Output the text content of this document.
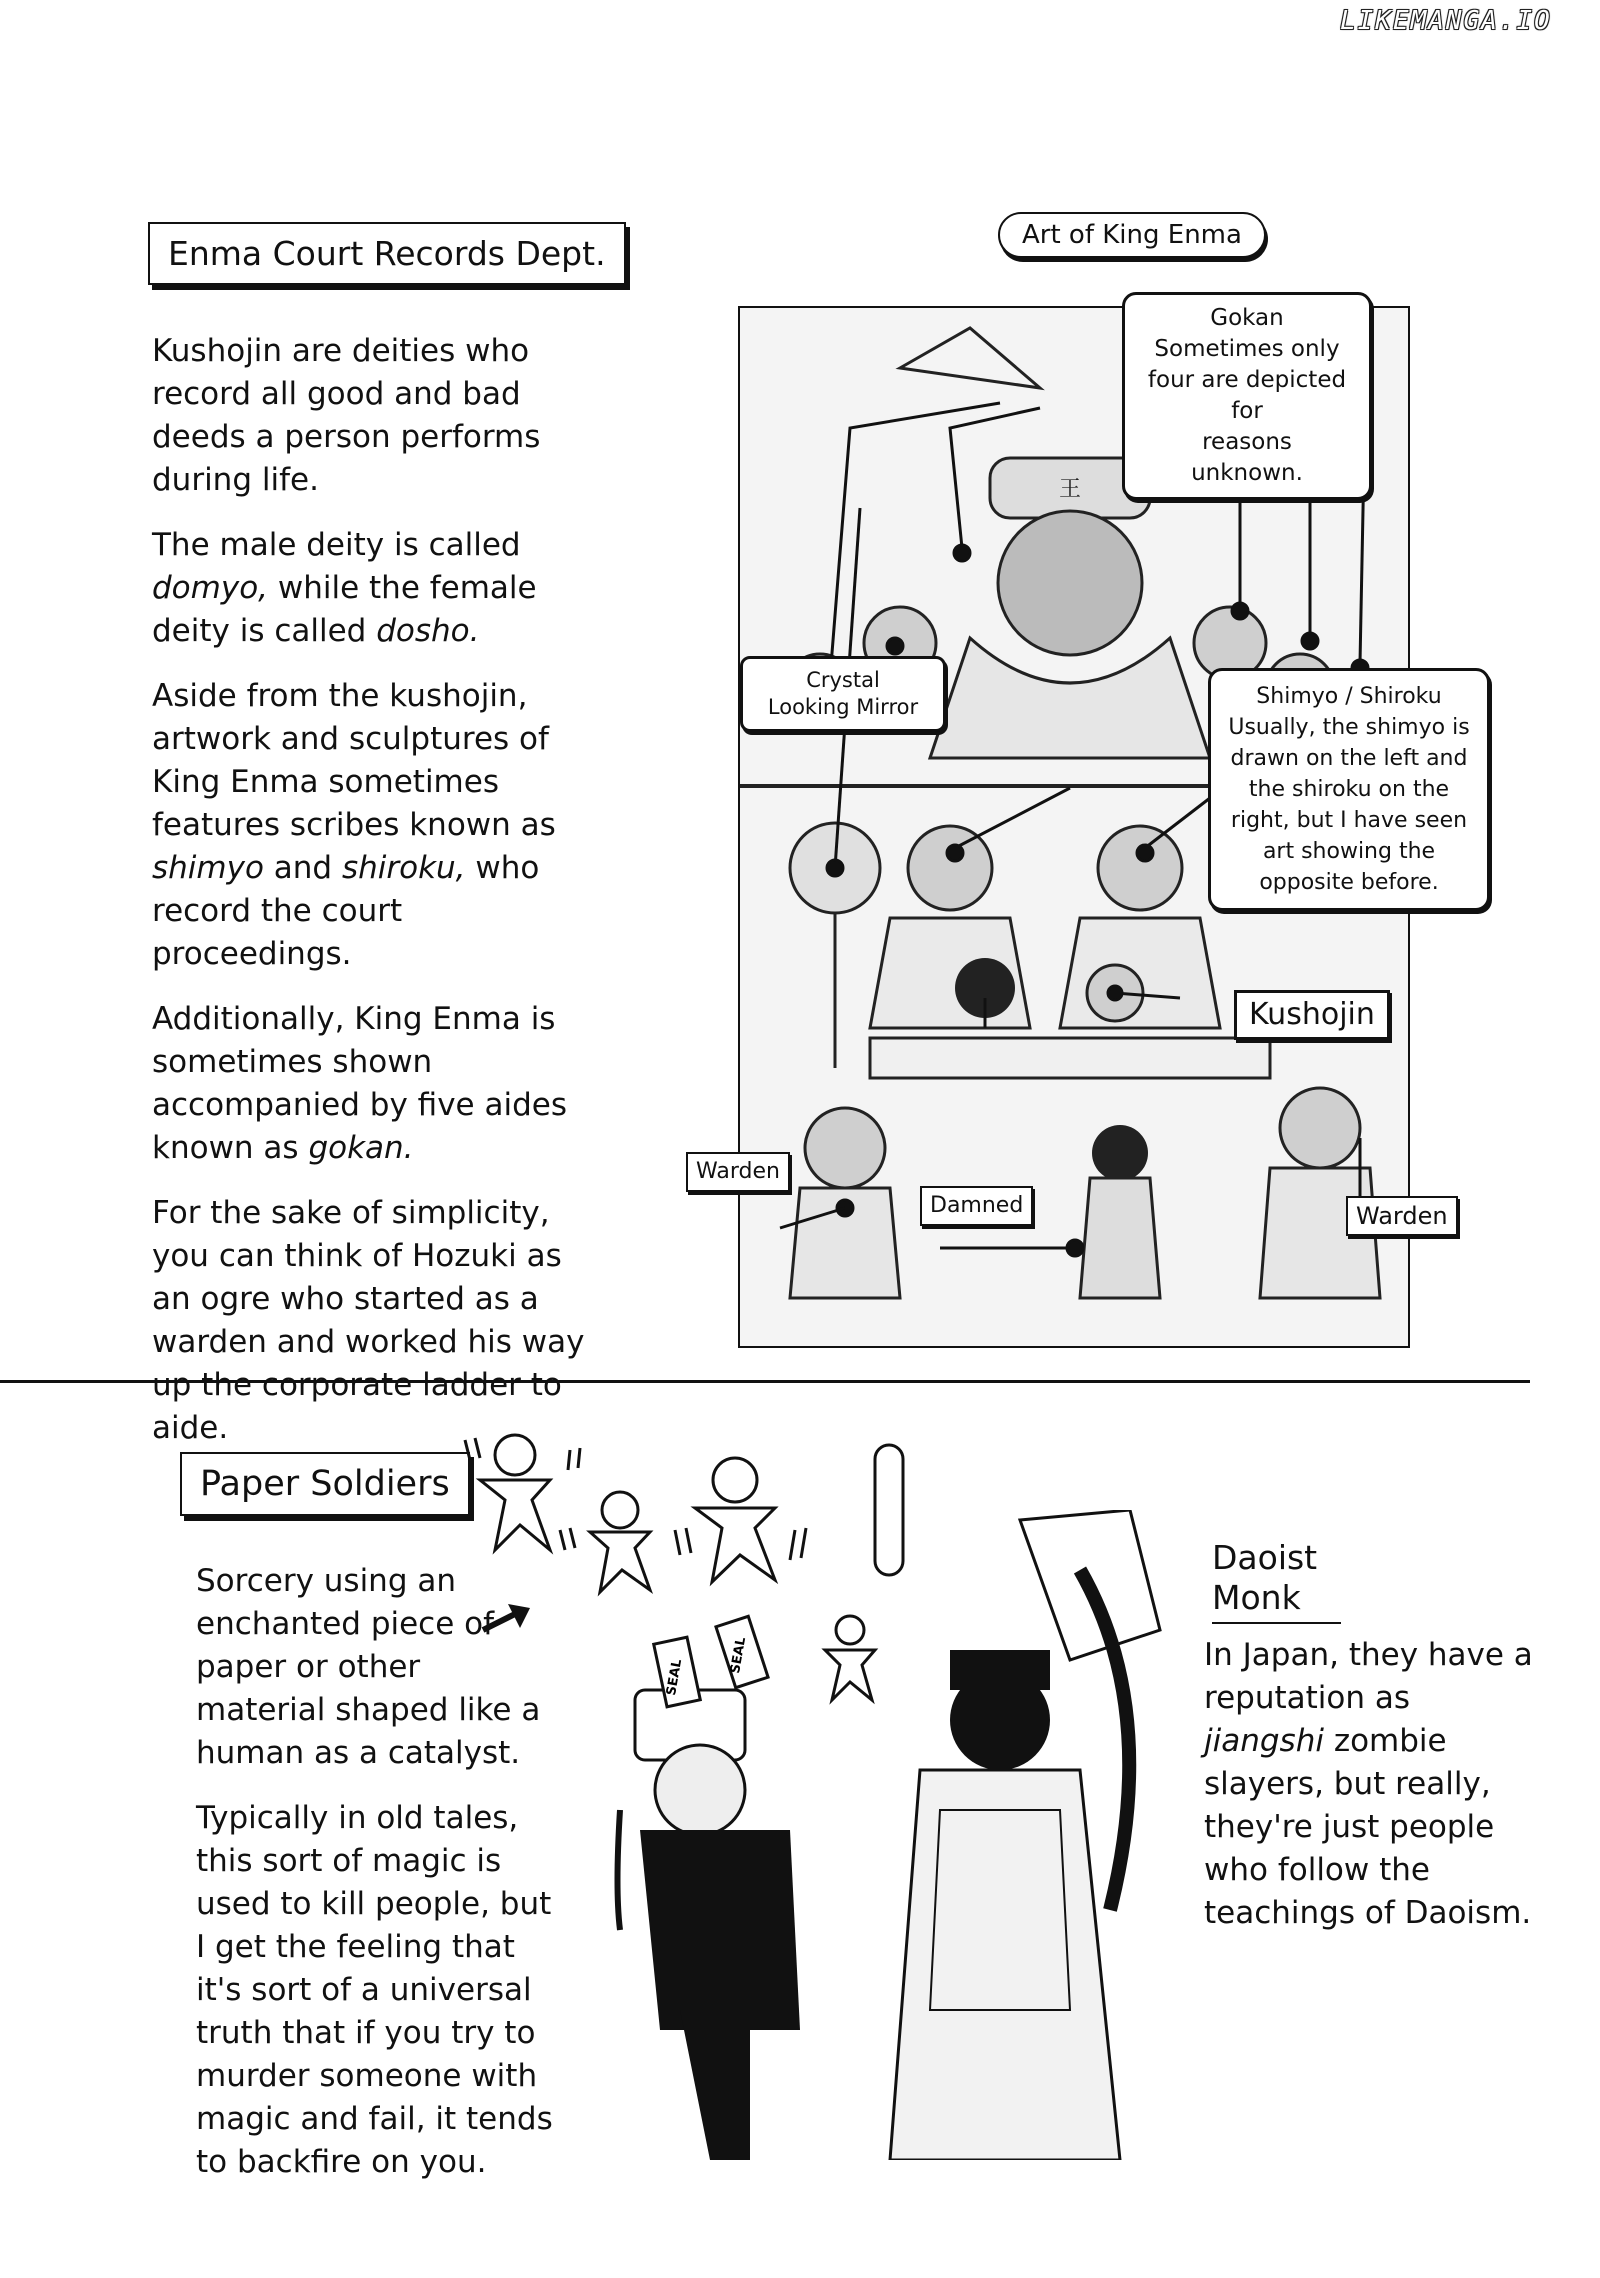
LIKEMANGA.IO
Enma Court Records Dept.

Kushojin are deities who record all good and bad deeds a person performs during life.

The male deity is called domyo, while the female deity is called dosho.

Aside from the kushojin, artwork and sculptures of King Enma sometimes features scribes known as shimyo and shiroku, who record the court proceedings.

Additionally, King Enma is sometimes shown accompanied by five aides known as gokan.

For the sake of simplicity, you can think of Hozuki as an ogre who started as a warden and worked his way up the corporate ladder to aide.

Art of King Enma
王
Gokan
Sometimes only
four are depicted for
reasons unknown.
Crystal
Looking Mirror	Shimyo / Shiroku
Usually, the shimyo is
drawn on the left and
the shiroku on the
right, but I have seen
art showing the
opposite before.
Kushojin
Warden
Damned	Warden
Paper Soldiers

Sorcery using an enchanted piece of paper or other material shaped like a human as a catalyst.

Typically in old tales, this sort of magic is used to kill people, but I get the feeling that it's sort of a universal truth that if you try to murder someone with magic and fail, it tends to backfire on you.

SEAL
SEAL
Daoist
Monk

In Japan, they have a reputation as jiangshi zombie slayers, but really, they're just people who follow the teachings of Daoism.
